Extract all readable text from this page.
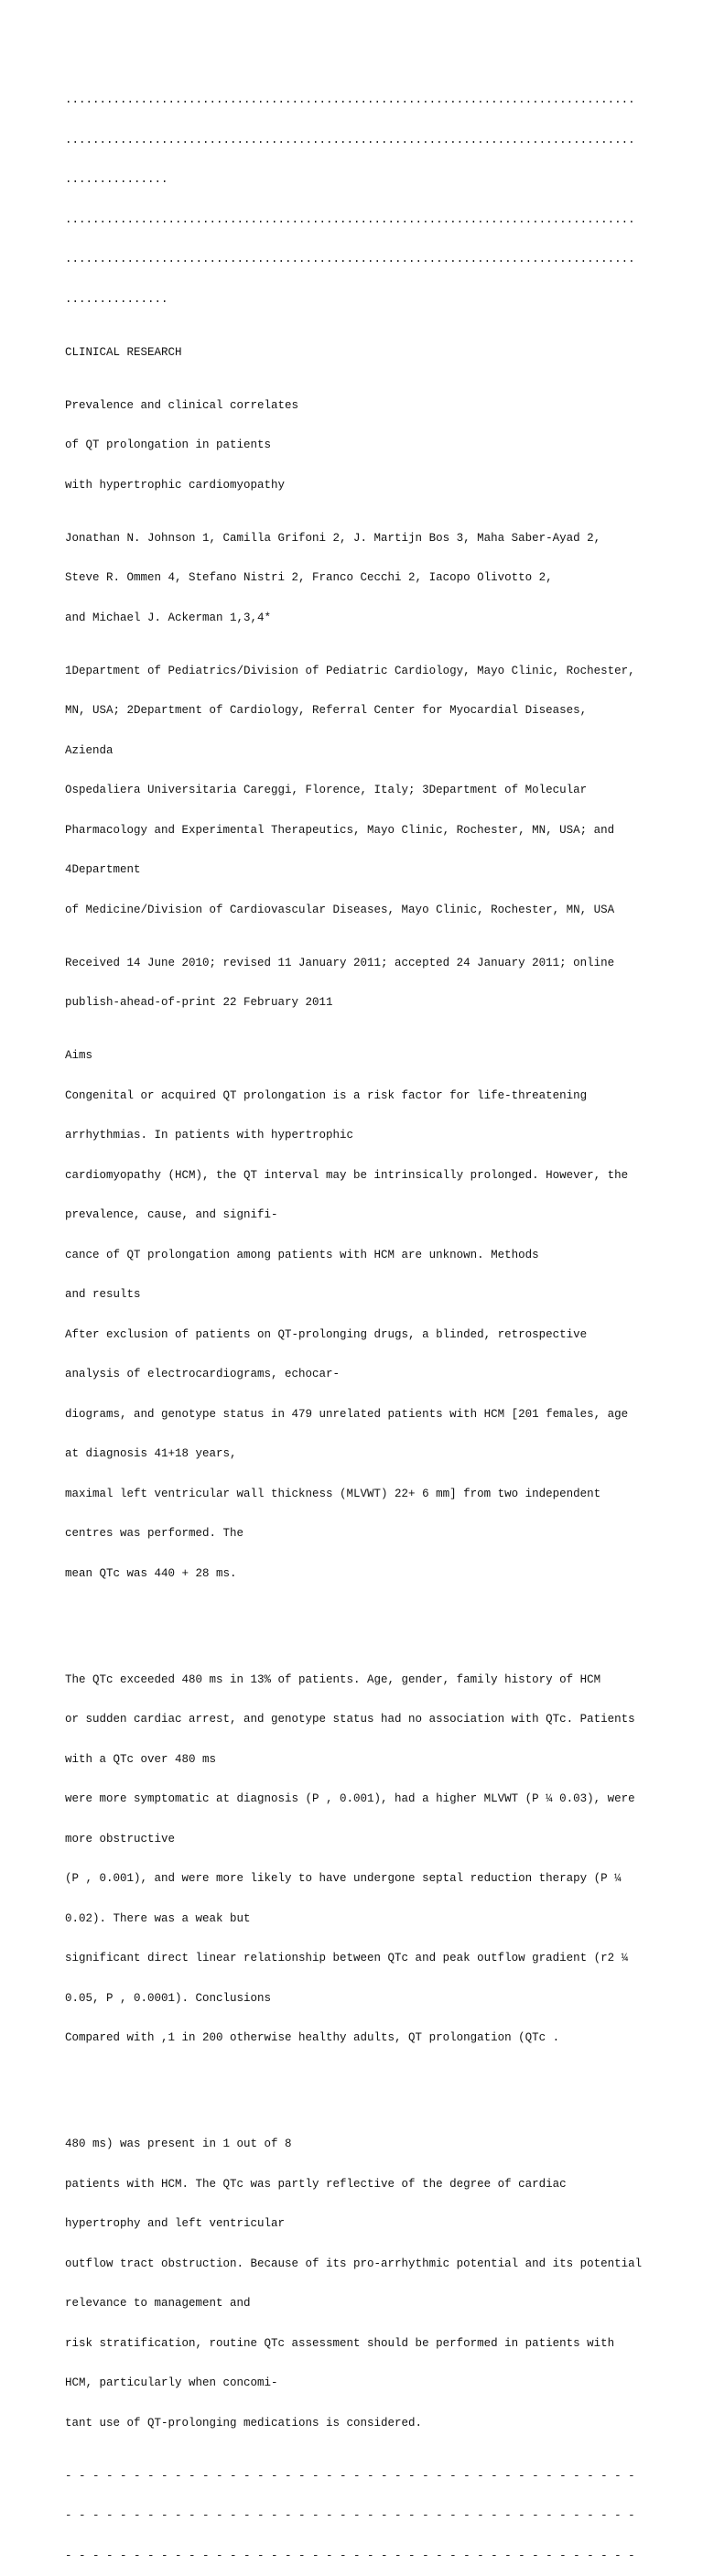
...................................................................................

...................................................................................

...............

...................................................................................

...................................................................................

...............

CLINICAL RESEARCH

Prevalence and clinical correlates

of QT prolongation in patients

with hypertrophic cardiomyopathy

Jonathan N. Johnson 1, Camilla Grifoni 2, J. Martijn Bos 3, Maha Saber-Ayad 2,

Steve R. Ommen 4, Stefano Nistri 2, Franco Cecchi 2, Iacopo Olivotto 2,

and Michael J. Ackerman 1,3,4*

1Department of Pediatrics/Division of Pediatric Cardiology, Mayo Clinic, Rochester,

MN, USA; 2Department of Cardiology, Referral Center for Myocardial Diseases,

Azienda

Ospedaliera Universitaria Careggi, Florence, Italy; 3Department of Molecular

Pharmacology and Experimental Therapeutics, Mayo Clinic, Rochester, MN, USA; and

4Department

of Medicine/Division of Cardiovascular Diseases, Mayo Clinic, Rochester, MN, USA

Received 14 June 2010; revised 11 January 2011; accepted 24 January 2011; online

publish-ahead-of-print 22 February 2011

Aims

Congenital or acquired QT prolongation is a risk factor for life-threatening

arrhythmias. In patients with hypertrophic

cardiomyopathy (HCM), the QT interval may be intrinsically prolonged. However, the

prevalence, cause, and signifi-

cance of QT prolongation among patients with HCM are unknown. Methods

and results

After exclusion of patients on QT-prolonging drugs, a blinded, retrospective

analysis of electrocardiograms, echocar-

diograms, and genotype status in 479 unrelated patients with HCM [201 females, age

at diagnosis 41+18 years,

maximal left ventricular wall thickness (MLVWT) 22+ 6 mm] from two independent

centres was performed. The

mean QTc was 440 + 28 ms.

The QTc exceeded 480 ms in 13% of patients. Age, gender, family history of HCM

or sudden cardiac arrest, and genotype status had no association with QTc. Patients

with a QTc over 480 ms

were more symptomatic at diagnosis (P , 0.001), had a higher MLVWT (P ¼ 0.03), were

more obstructive

(P , 0.001), and were more likely to have undergone septal reduction therapy (P ¼

0.02). There was a weak but

significant direct linear relationship between QTc and peak outflow gradient (r2 ¼

0.05, P , 0.0001). Conclusions

Compared with ,1 in 200 otherwise healthy adults, QT prolongation (QTc .

480 ms) was present in 1 out of 8

patients with HCM. The QTc was partly reflective of the degree of cardiac

hypertrophy and left ventricular

outflow tract obstruction. Because of its pro-arrhythmic potential and its potential

relevance to management and

risk stratification, routine QTc assessment should be performed in patients with

HCM, particularly when concomi-

tant use of QT-prolonging medications is considered.

- - - - - - - - - - - - - - - - - - - - - - - - - - - - - - - - - - - - - - - - - -

- - - - - - - - - - - - - - - - - - - - - - - - - - - - - - - - - - - - - - - - - -

- - - - - - - - - - - - - - - - - - - - - - - - - - - - - - - - - - - - - - - - - -
